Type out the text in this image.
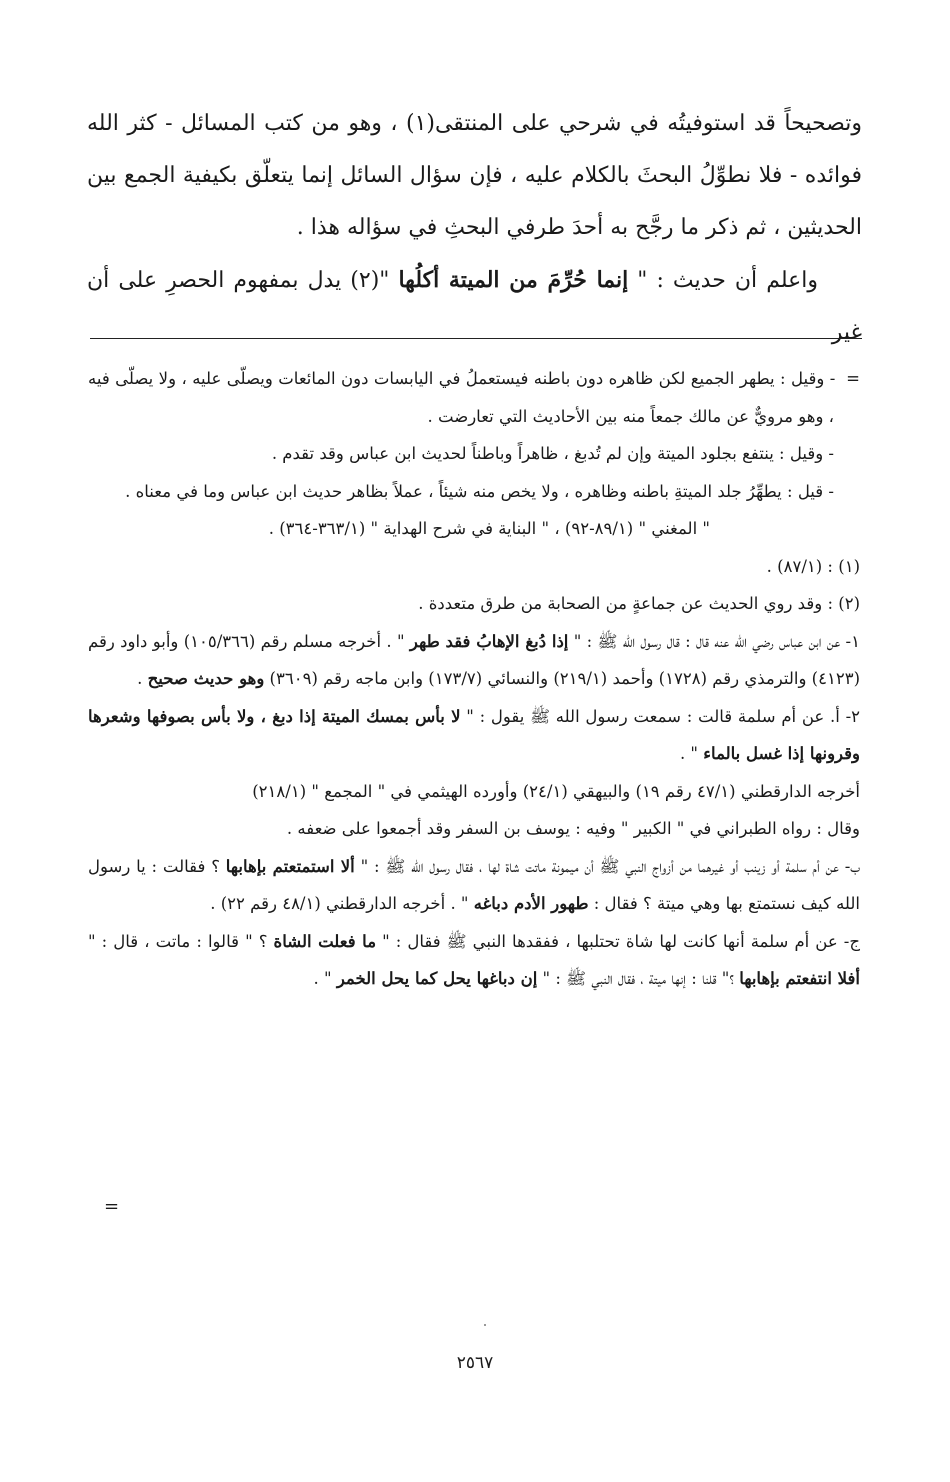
وتصحيحاً قد استوفيتُه في شرحي على المنتقى(١) ، وهو من كتب المسائل - كثر الله فوائده - فلا نطوِّلُ البحثَ بالكلام عليه ، فإن سؤال السائل إنما يتعلّق بكيفية الجمع بين الحديثين ، ثم ذكر ما رجَّح به أحدَ طرفي البحثِ في سؤاله هذا .

واعلم أن حديث : " إنما حُرِّمَ من الميتة أكلُها "(٢) يدل بمفهوم الحصرِ على أن غير

=  - وقيل : يطهر الجميع لكن ظاهره دون باطنه فيستعملُ في اليابسات دون المائعات ويصلّى عليه ، ولا يصلّى فيه ، وهو مرويٌّ عن مالك جمعاً منه بين الأحاديث التي تعارضت .

- وقيل : ينتفع بجلود الميتة وإن لم تُدبغ ، ظاهراً وباطناً لحديث ابن عباس وقد تقدم .

- قيل : يطهِّرُ جلد الميتةِ باطنه وظاهره ، ولا يخص منه شيئاً ، عملاً بظاهر حديث ابن عباس وما في معناه .

" المغني " (٨٩/١-٩٢) ، " البناية في شرح الهداية " (٣٦٣/١-٣٦٤) .

(١) : (٨٧/١) .

(٢) : وقد روي الحديث عن جماعةٍ من الصحابة من طرق متعددة .

١- عن ابن عباس رضي الله عنه قال : قال رسول الله ﷺ : " إذا دُبغ الإهابُ فقد طهر " . أخرجه مسلم رقم (١٠٥/٣٦٦) وأبو داود رقم (٤١٢٣) والترمذي رقم (١٧٢٨) وأحمد (٢١٩/١) والنسائي (١٧٣/٧) وابن ماجه رقم (٣٦٠٩) وهو حديث صحيح .

٢- أ. عن أم سلمة قالت : سمعت رسول الله ﷺ يقول : " لا بأس بمسك الميتة إذا دبغ ، ولا بأس بصوفها وشعرها وقرونها إذا غسل بالماء " .

أخرجه الدارقطني (٤٧/١ رقم ١٩) والبيهقي (٢٤/١) وأورده الهيثمي في " المجمع " (٢١٨/١)

وقال : رواه الطبراني في " الكبير " وفيه : يوسف بن السفر وقد أجمعوا على ضعفه .

ب- عن أم سلمة أو زينب أو غيرهما من أزواج النبي ﷺ أن ميمونة ماتت شاة لها ، فقال رسول الله ﷺ : " ألا استمتعتم بإهابها ؟ فقالت : يا رسول الله كيف نستمتع بها وهي ميتة ؟ فقال : طهور الأدم دباغه " . أخرجه الدارقطني (٤٨/١ رقم ٢٢) .

ج- عن أم سلمة أنها كانت لها شاة تحتلبها ، ففقدها النبي ﷺ فقال : " ما فعلت الشاة ؟ " قالوا : ماتت ، قال : " أفلا انتفعتم بإهابها ؟" قلنا : إنها ميتة ، فقال النبي ﷺ : " إن دباغها يحل كما يحل الخمر " .

=
٢٥٦٧
